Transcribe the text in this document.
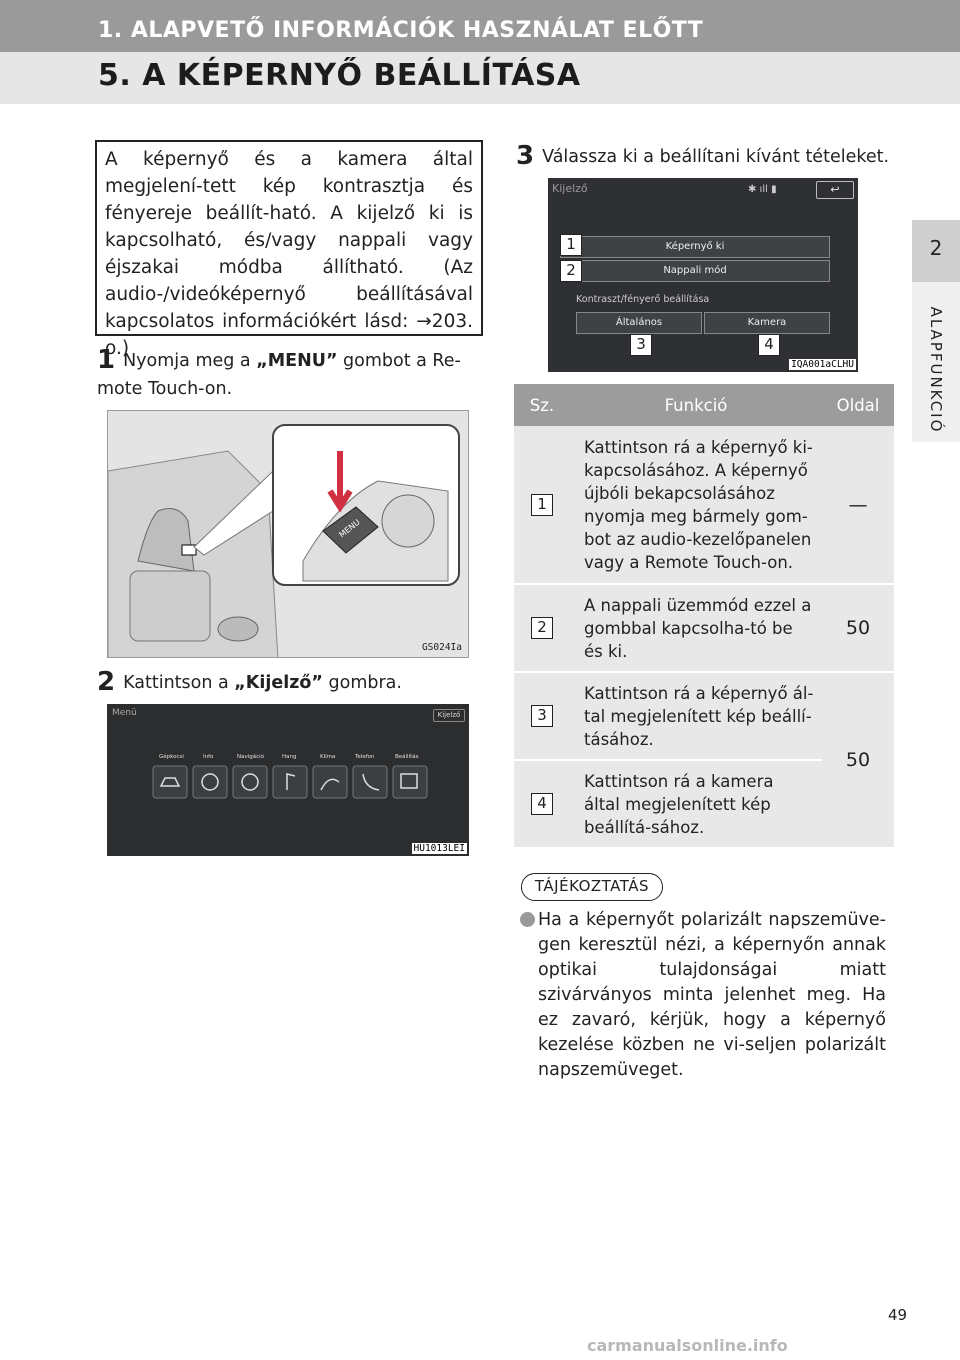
1. ALAPVETŐ INFORMÁCIÓK HASZNÁLAT ELŐTT
5. A KÉPERNYŐ BEÁLLÍTÁSA
2
ALAPFUNKCIÓ
A képernyő és a kamera által megjelení-tett kép kontrasztja és fényereje beállít-ható. A kijelző ki is kapcsolható, és/vagy nappali vagy éjszakai módba állítható. (Az audio-/videóképernyő beállításával kapcsolatos információkért lásd: →203. o.)
1 Nyomja meg a „MENU” gombot a Re-mote Touch-on.
MENU
GS024Ia
2 Kattintson a „Kijelző” gombra.
Menü	Kijelző
Gépkocsi	Info	Navigáció	Hang	Klíma	Telefon	Beállítás
HU1013LEI
3 Válassza ki a beállítani kívánt tételeket.
Kijelző	↩
✱ ıll ▮
Képernyő ki
Nappali mód
Kontraszt/fényerő beállítása
Általános	Kamera
1
2
3	4
IQA001aCLHU
Sz.	Funkció	Oldal
1	Kattintson rá a képernyő ki-kapcsolásához. A képernyő újbóli bekapcsolásához nyomja meg bármely gom-bot az audio-kezelőpanelen vagy a Remote Touch-on.	—
2	A nappali üzemmód ezzel a gombbal kapcsolha-tó be és ki.	50
3	Kattintson rá a képernyő ál-tal megjelenített kép beállí-tásához.	50
4	Kattintson rá a kamera által megjelenített kép beállítá-sához.	
TÁJÉKOZTATÁS
Ha a képernyőt polarizált napszemüve-gen keresztül nézi, a képernyőn annak optikai tulajdonságai miatt szivárványos minta jelenhet meg. Ha ez zavaró, kérjük, hogy a képernyő kezelése közben ne vi-seljen polarizált napszemüveget.
49
carmanualsonline.info
